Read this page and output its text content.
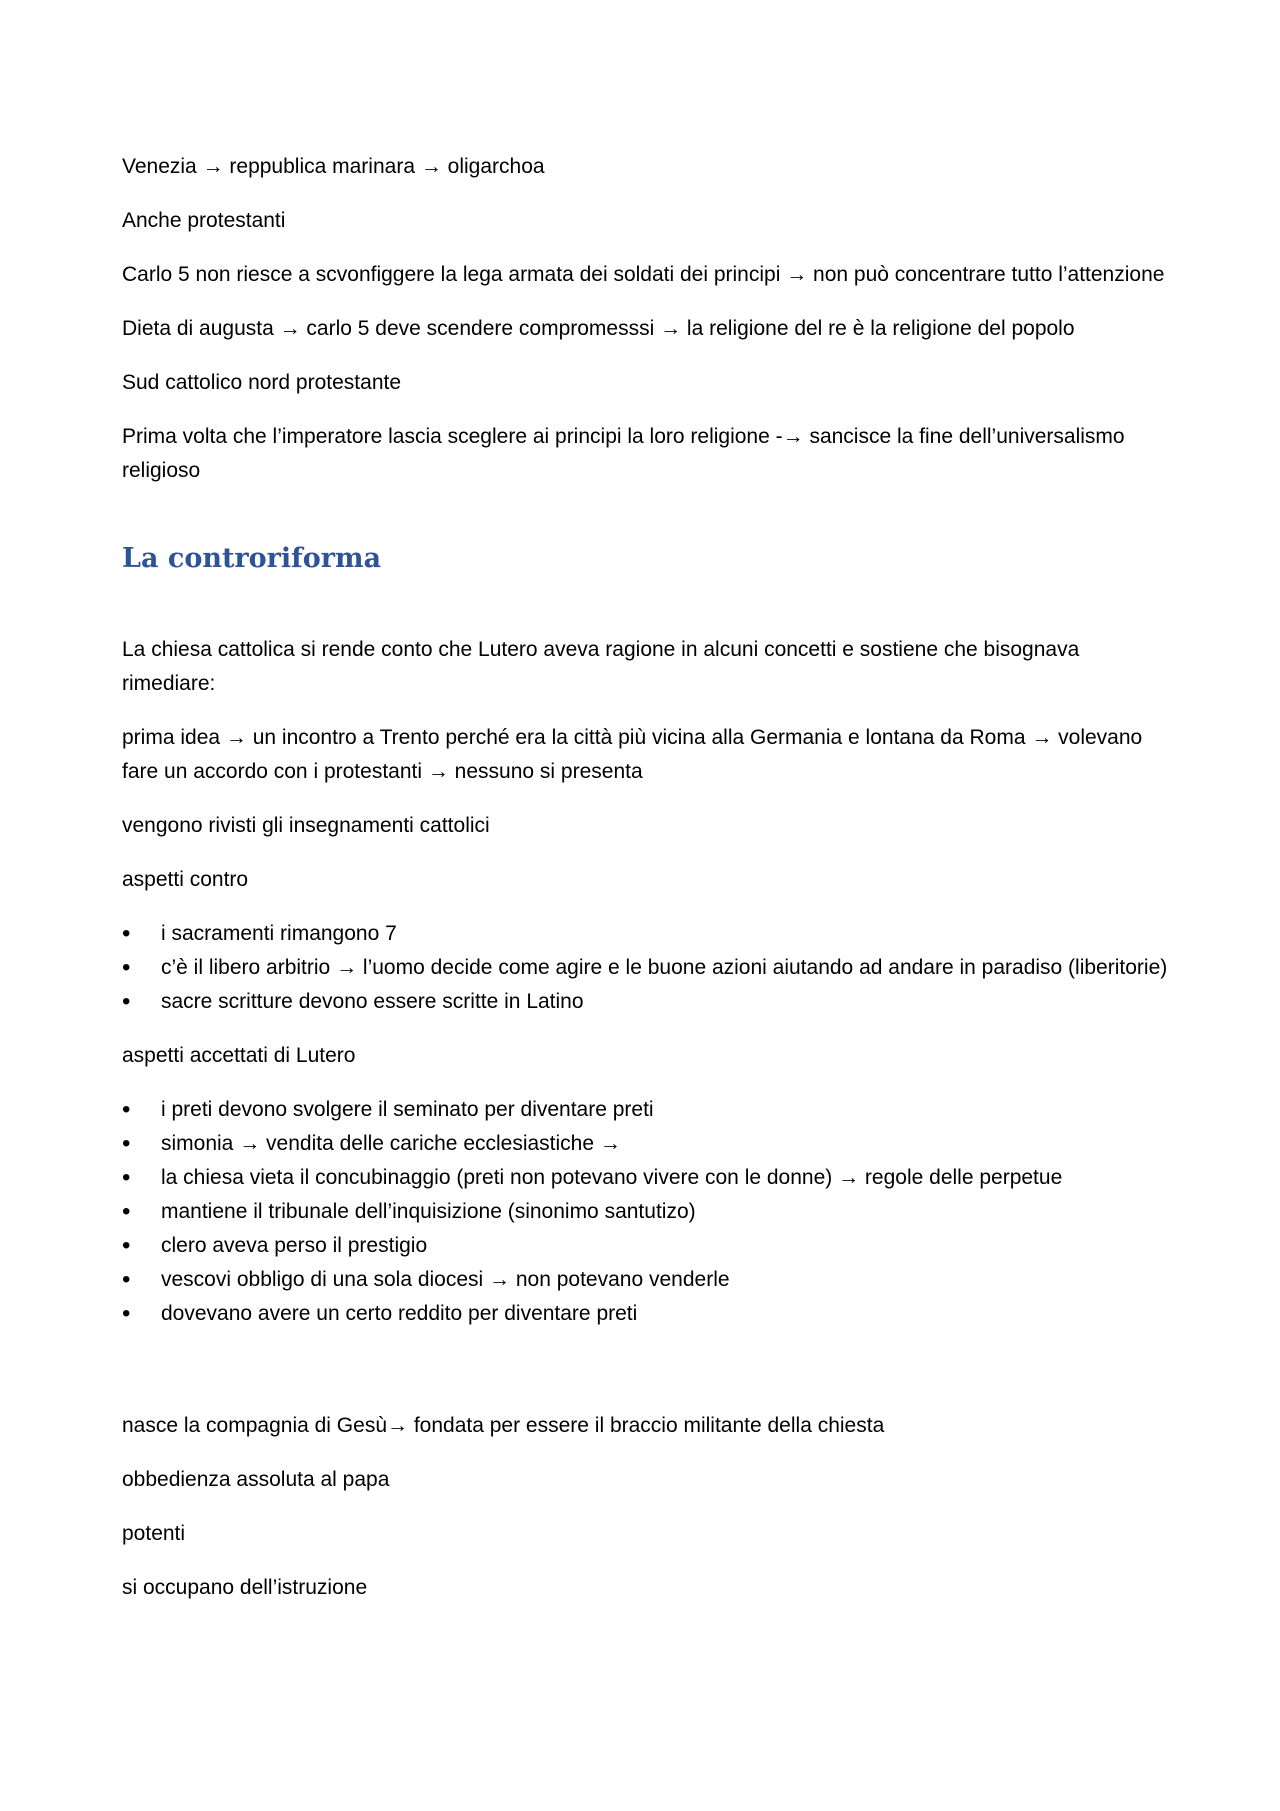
Venezia → reppublica marinara → oligarchoa

Anche protestanti

Carlo 5 non riesce a scvonfiggere la lega armata dei soldati dei principi → non può concentrare tutto l’attenzione

Dieta di augusta → carlo 5 deve scendere compromesssi → la religione del re è la religione del popolo

Sud cattolico nord protestante

Prima volta che l’imperatore lascia sceglere ai principi la loro religione -→ sancisce la fine dell’universalismo religioso

La controriforma

La chiesa cattolica si rende conto che Lutero aveva ragione in alcuni concetti e sostiene che bisognava rimediare:

prima idea → un incontro a Trento perché era la città più vicina alla Germania e lontana da Roma → volevano fare un accordo con i protestanti → nessuno si presenta

vengono rivisti gli insegnamenti cattolici

aspetti contro

• i sacramenti rimangono 7
• c’è il libero arbitrio → l’uomo decide come agire e le buone azioni aiutando ad andare in paradiso (liberitorie)
• sacre scritture devono essere scritte in Latino

aspetti accettati di Lutero

• i preti devono svolgere il seminato per diventare preti
• simonia → vendita delle cariche ecclesiastiche →
• la chiesa vieta il concubinaggio (preti non potevano vivere con le donne) → regole delle perpetue
• mantiene il tribunale dell’inquisizione (sinonimo santutizo)
• clero aveva perso il prestigio
• vescovi obbligo di una sola diocesi → non potevano venderle
• dovevano avere un certo reddito per diventare preti

nasce la compagnia di Gesù→ fondata per essere il braccio militante della chiesta

obbedienza assoluta al papa

potenti

si occupano dell’istruzione
